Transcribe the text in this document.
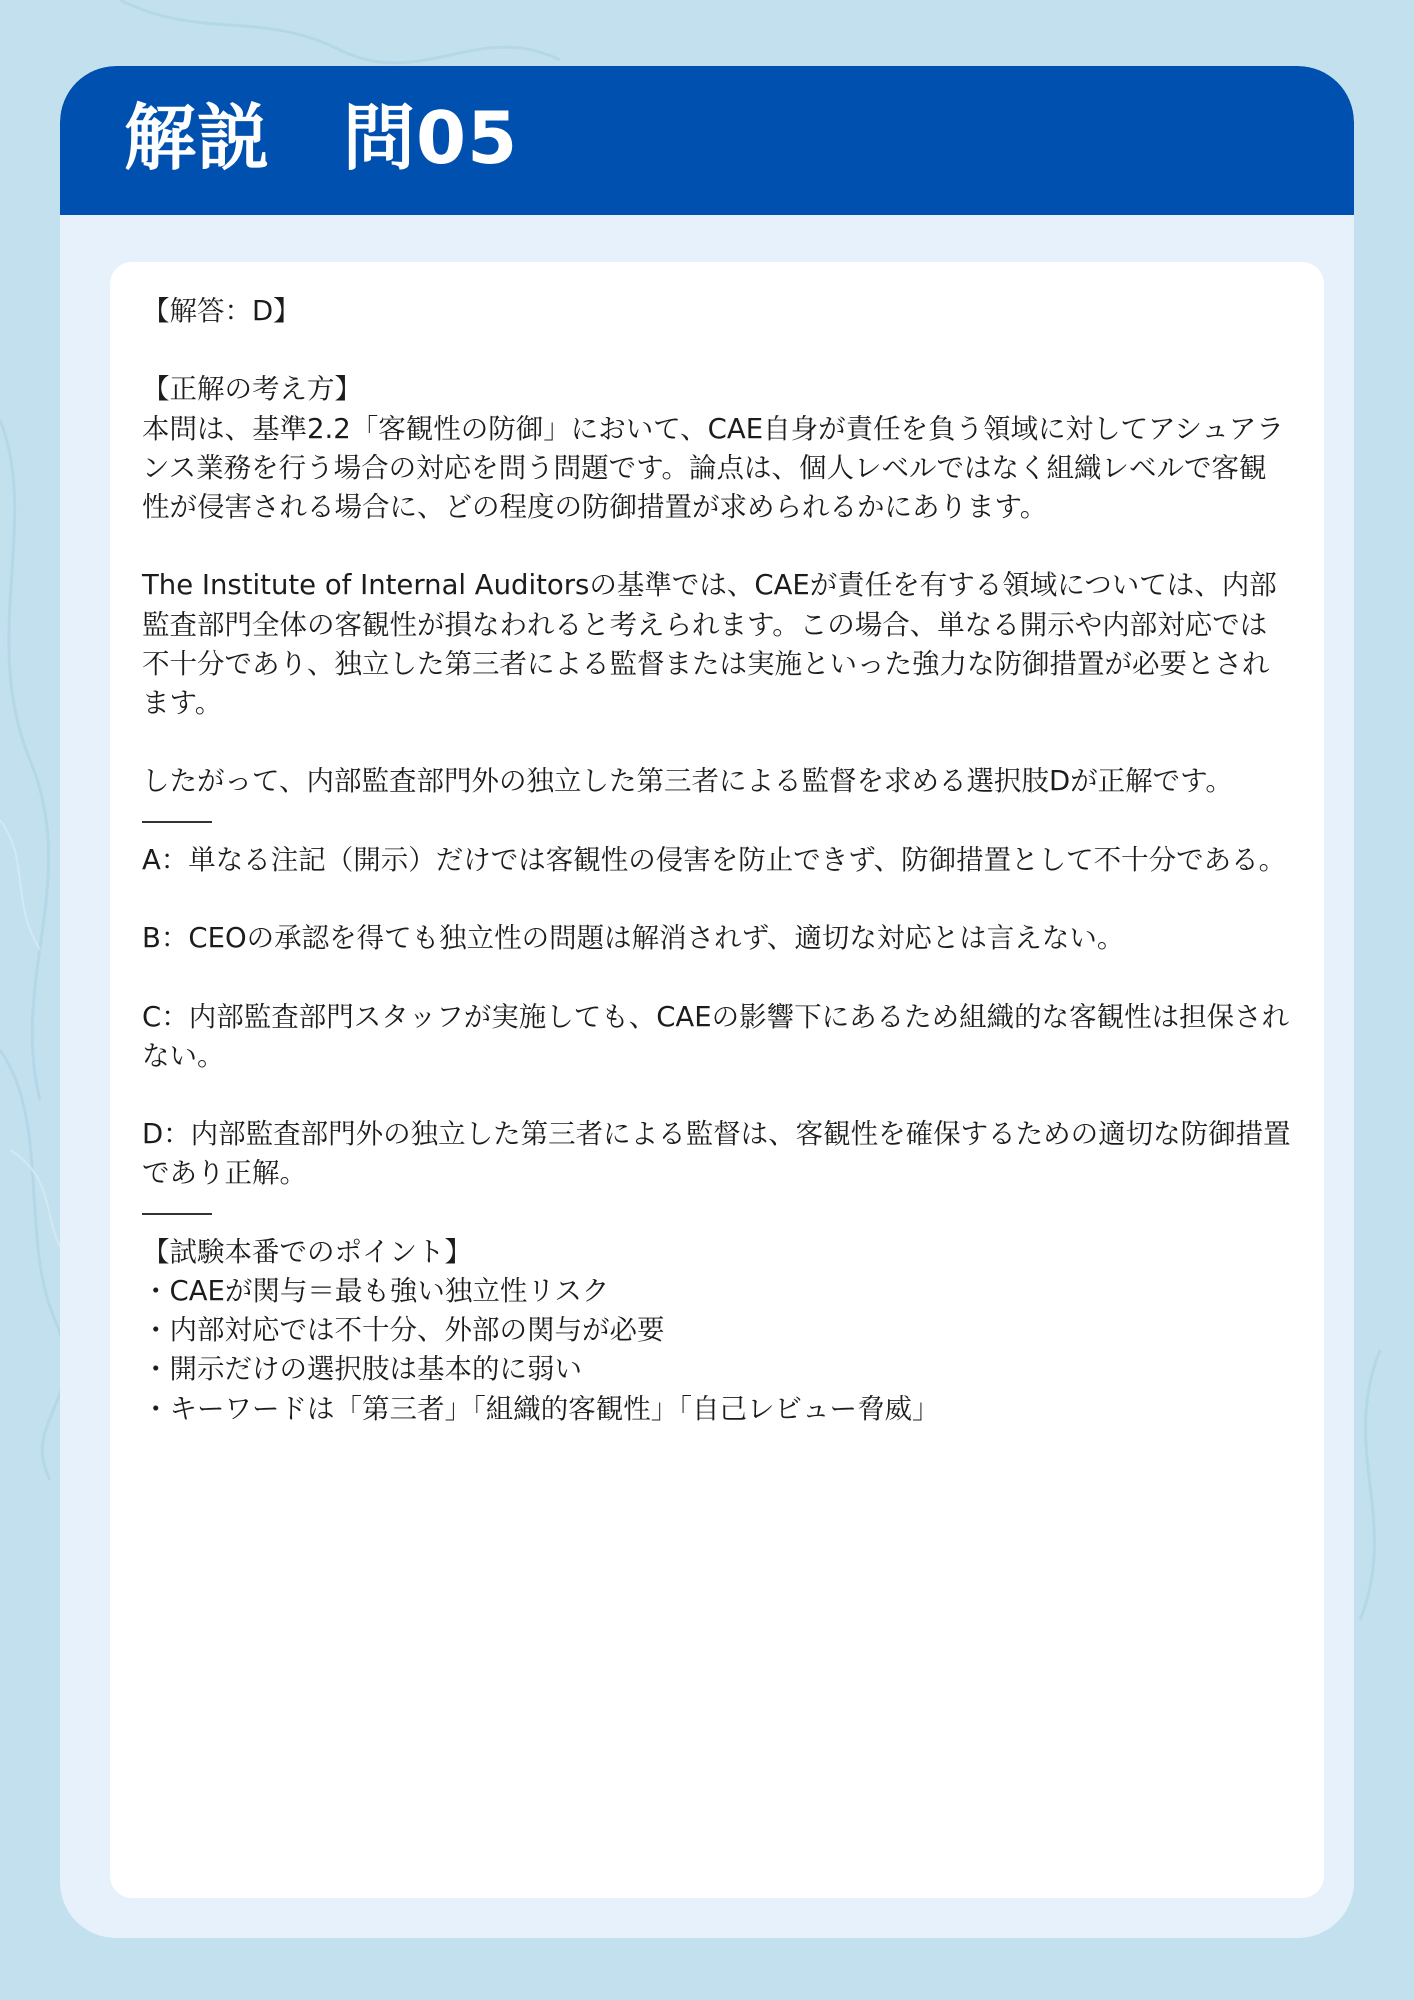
解説　問05

【解答：D】

【正解の考え方】

本問は、基準2.2「客観性の防御」において、CAE自身が責任を負う領域に対してアシュアランス業務を行う場合の対応を問う問題です。論点は、個人レベルではなく組織レベルで客観性が侵害される場合に、どの程度の防御措置が求められるかにあります。

The Institute of Internal Auditorsの基準では、CAEが責任を有する領域については、内部監査部門全体の客観性が損なわれると考えられます。この場合、単なる開示や内部対応では不十分であり、独立した第三者による監督または実施といった強力な防御措置が必要とされます。

したがって、内部監査部門外の独立した第三者による監督を求める選択肢Dが正解です。

A：単なる注記（開示）だけでは客観性の侵害を防止できず、防御措置として不十分である。

B：CEOの承認を得ても独立性の問題は解消されず、適切な対応とは言えない。

C：内部監査部門スタッフが実施しても、CAEの影響下にあるため組織的な客観性は担保されない。

D：内部監査部門外の独立した第三者による監督は、客観性を確保するための適切な防御措置であり正解。

【試験本番でのポイント】

・CAEが関与＝最も強い独立性リスク

・内部対応では不十分、外部の関与が必要

・開示だけの選択肢は基本的に弱い

・キーワードは「第三者」「組織的客観性」「自己レビュー脅威」
